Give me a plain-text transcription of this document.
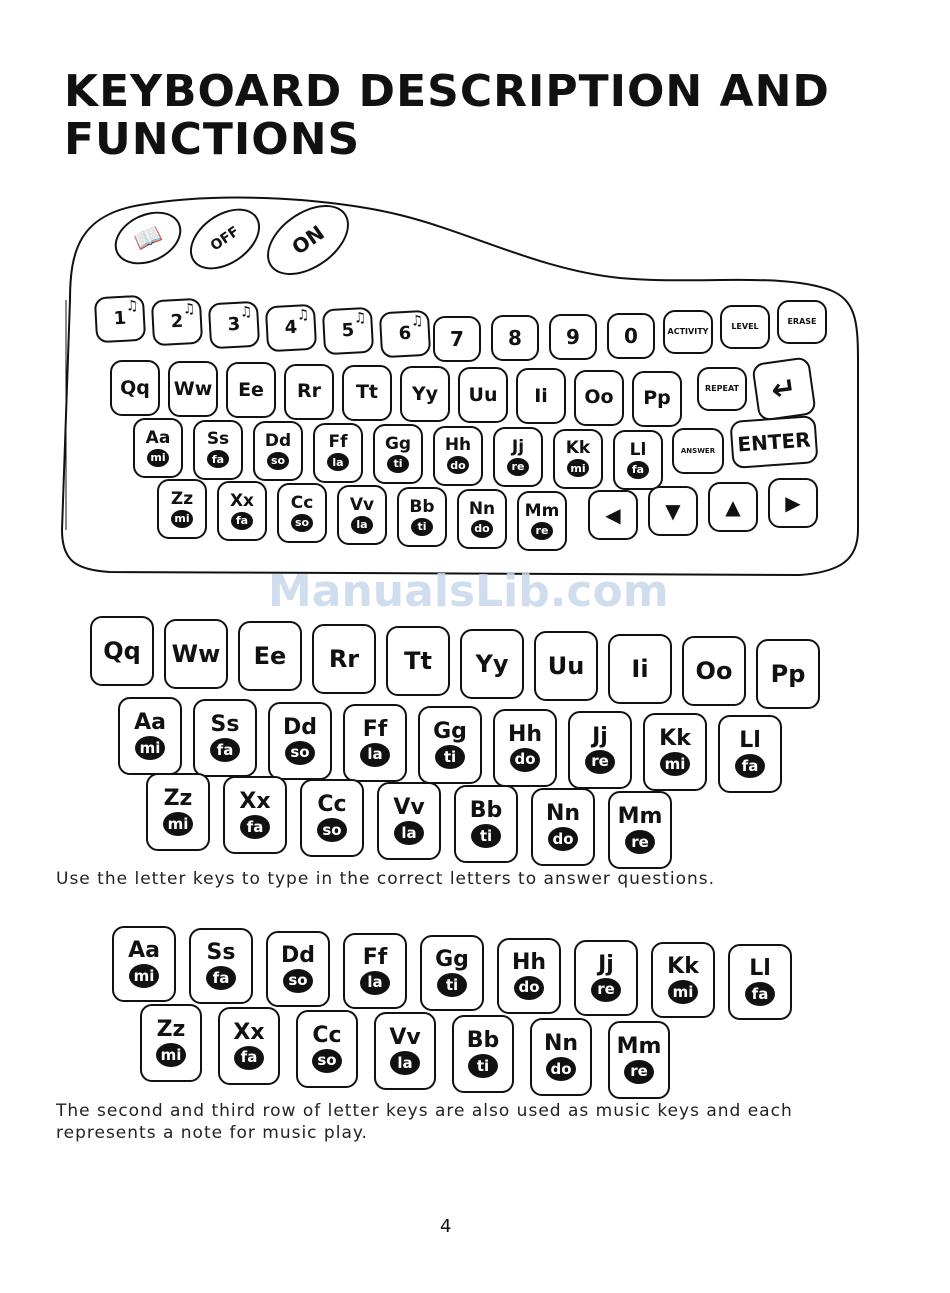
KEYBOARD DESCRIPTION AND
FUNCTIONS
📖	OFF ON
1
♫
2
♫
3
♫
4
♫
5
♫
6
♫
7 8 9 0	ACTIVITY
LEVEL
ERASE
Qq Ww Ee Rr Tt Yy Uu Ii Oo Pp	REPEAT ↵
Aa
mi
Ss
fa
Dd
so
Ff
la
Gg
ti
Hh
do
Jj
re
Kk
mi
Ll
fa
ANSWER ENTER
Zz
mi
Xx
fa
Cc
so
Vv
la
Bb
ti
Nn
do
Mm
re
◀ ▼ ▲ ▶
ManualsLib.com
Qq Ww Ee Rr Tt Yy Uu Ii Oo Pp
Aa
mi
Ss
fa
Dd
so
Ff
la
Gg
ti
Hh
do
Jj
re
Kk
mi
Ll
fa
Zz
mi
Xx
fa
Cc
so
Vv
la
Bb
ti
Nn
do
Mm
re

Use the letter keys to type in the correct letters to answer questions.

Aa
mi
Ss
fa
Dd
so
Ff
la
Gg
ti
Hh
do
Jj
re
Kk
mi
Ll
fa
Zz
mi
Xx
fa
Cc
so
Vv
la
Bb
ti
Nn
do
Mm
re

The second and third row of letter keys are also used as music keys and each
represents a note for music play.

4
